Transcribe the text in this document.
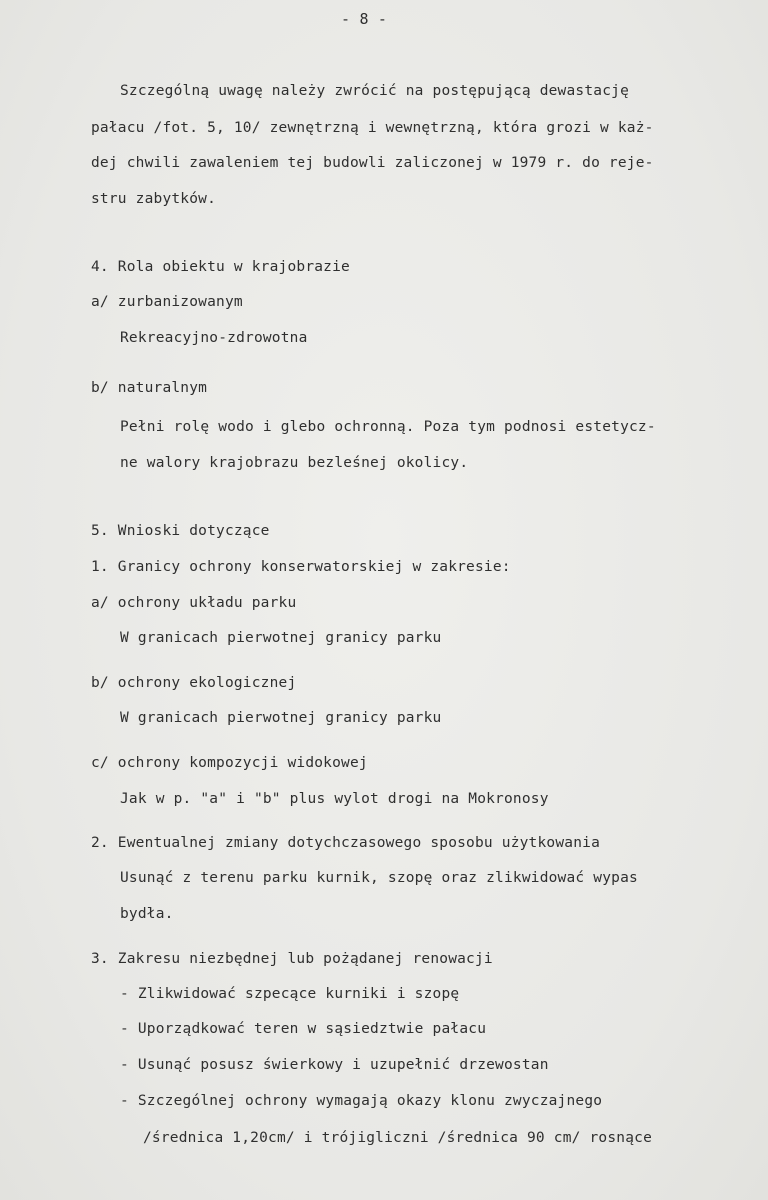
- 8 -
Szczególną uwagę należy zwrócić na postępującą dewastację
pałacu /fot. 5, 10/ zewnętrzną i wewnętrzną, która grozi w każ-
dej chwili zawaleniem tej budowli zaliczonej w 1979 r. do reje-
stru zabytków.
4. Rola obiektu w krajobrazie
a/ zurbanizowanym
Rekreacyjno-zdrowotna
b/ naturalnym
Pełni rolę wodo i glebo ochronną. Poza tym podnosi estetycz-
ne walory krajobrazu bezleśnej okolicy.
5. Wnioski dotyczące
1. Granicy ochrony konserwatorskiej w zakresie:
a/ ochrony układu parku
W granicach pierwotnej granicy parku
b/ ochrony ekologicznej
W granicach pierwotnej granicy parku
c/ ochrony kompozycji widokowej
Jak w p. "a" i "b" plus wylot drogi na Mokronosy
2. Ewentualnej zmiany dotychczasowego sposobu użytkowania
Usunąć z terenu parku kurnik, szopę oraz zlikwidować wypas
bydła.
3. Zakresu niezbędnej lub pożądanej renowacji
- Zlikwidować szpecące kurniki i szopę
- Uporządkować teren w sąsiedztwie pałacu
- Usunąć posusz świerkowy i uzupełnić drzewostan
- Szczególnej ochrony wymagają okazy klonu zwyczajnego
/średnica 1,20cm/ i trójiglicznі /średnica 90 cm/ rosnące
